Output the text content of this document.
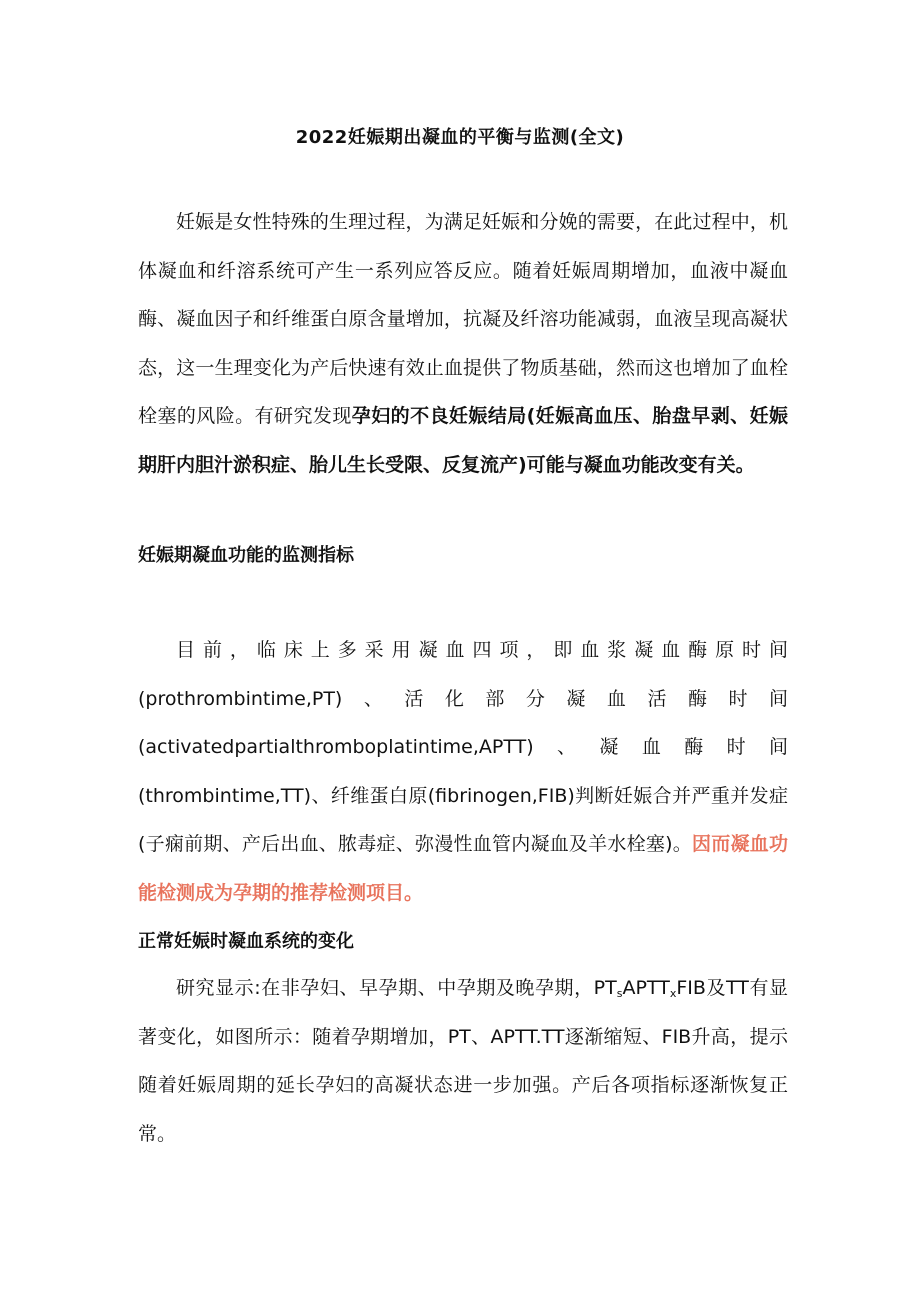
2022妊娠期出凝血的平衡与监测(全文)

妊娠是女性特殊的生理过程，为满足妊娠和分娩的需要，在此过程中，机体凝血和纤溶系统可产生一系列应答反应。随着妊娠周期增加，血液中凝血酶、凝血因子和纤维蛋白原含量增加，抗凝及纤溶功能减弱，血液呈现高凝状态，这一生理变化为产后快速有效止血提供了物质基础，然而这也增加了血栓栓塞的风险。有研究发现孕妇的不良妊娠结局(妊娠高血压、胎盘早剥、妊娠期肝内胆汁淤积症、胎儿生长受限、反复流产)可能与凝血功能改变有关。

妊娠期凝血功能的监测指标
目前，临床上多采用凝血四项，即血浆凝血酶原时间
(prothrombintime,PT)、活化部分凝血活酶时间
(activatedpartialthromboplatintime,APTT)、凝血酶时间

(thrombintime,TT)、纤维蛋白原(fibrinogen,FIB)判断妊娠合并严重并发症(子痫前期、产后出血、脓毒症、弥漫性血管内凝血及羊水栓塞)。因而凝血功能检测成为孕期的推荐检测项目。

正常妊娠时凝血系统的变化

研究显示:在非孕妇、早孕期、中孕期及晚孕期，$PT_sAPTT_xFIB$及TT有显著变化，如图所示：随着孕期增加，PT、APTT.TT逐渐缩短、FIB升高，提示随着妊娠周期的延长孕妇的高凝状态进一步加强。产后各项指标逐渐恢复正常。
